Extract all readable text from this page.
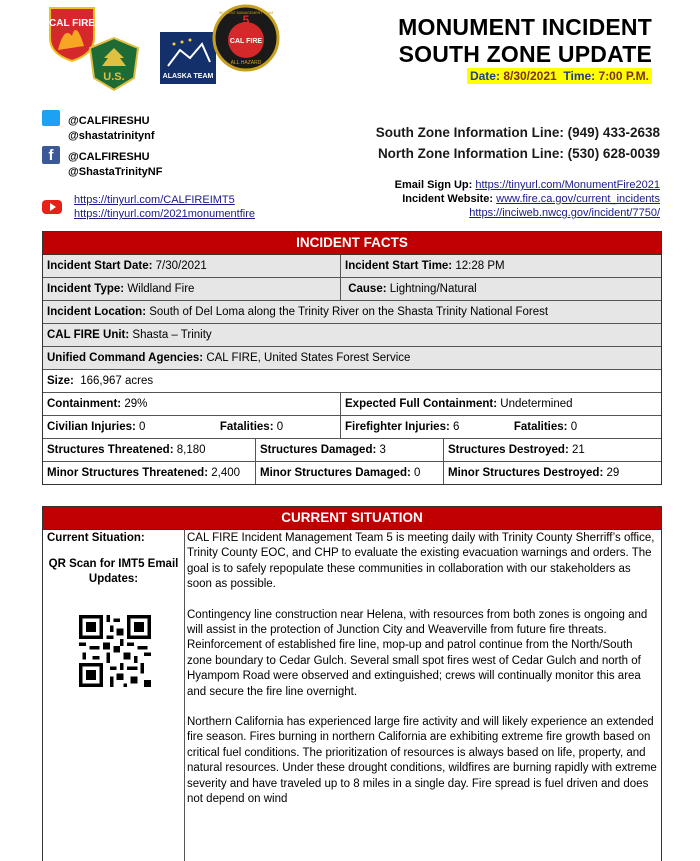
CAL FIRE
U.S.	ALASKA TEAM
5
CAL FIRE
ALL HAZARD
INCIDENT MANAGEMENT TEAM
MONUMENT INCIDENT
SOUTH ZONE UPDATE
Date: 8/30/2021 Time: 7:00 P.M.
@CALFIRESHU
@shastatrinitynf
f	@CALFIRESHU
@ShastaTrinityNF
https://tinyurl.com/CALFIREIMT5
https://tinyurl.com/2021monumentfire
South Zone Information Line: (949) 433-2638
North Zone Information Line: (530) 628-0039
Email Sign Up: https://tinyurl.com/MonumentFire2021
Incident Website: www.fire.ca.gov/current_incidents
https://inciweb.nwcg.gov/incident/7750/
INCIDENT FACTS
Incident Start Date: 7/30/2021	Incident Start Time: 12:28 PM
Incident Type: Wildland Fire	Cause: Lightning/Natural
Incident Location: South of Del Loma along the Trinity River on the Shasta Trinity National Forest
CAL FIRE Unit: Shasta – Trinity
Unified Command Agencies: CAL FIRE, United States Forest Service
Size: 166,967 acres
Containment: 29%	Expected Full Containment: Undetermined
Civilian Injuries: 0	Fatalities: 0	Firefighter Injuries: 6	Fatalities: 0
Structures Threatened: 8,180	Structures Damaged: 3	Structures Destroyed: 21
Minor Structures Threatened: 2,400	Minor Structures Damaged: 0	Minor Structures Destroyed: 29
CURRENT SITUATION
Current Situation:
QR Scan for IMT5 Email Updates:

CAL FIRE Incident Management Team 5 is meeting daily with Trinity County Sherriff’s office, Trinity County EOC, and CHP to evaluate the existing evacuation warnings and orders. The goal is to safely repopulate these communities in collaboration with our stakeholders as soon as possible.

Contingency line construction near Helena, with resources from both zones is ongoing and will assist in the protection of Junction City and Weaverville from future fire threats. Reinforcement of established fire line, mop-up and patrol continue from the North/South zone boundary to Cedar Gulch. Several small spot fires west of Cedar Gulch and north of Hyampom Road were observed and extinguished; crews will continually monitor this area and secure the fire line overnight.

Northern California has experienced large fire activity and will likely experience an extended fire season. Fires burning in northern California are exhibiting extreme fire growth based on critical fuel conditions. The prioritization of resources is always based on life, property, and natural resources. Under these drought conditions, wildfires are burning rapidly with extreme severity and have traveled up to 8 miles in a single day. Fire spread is fuel driven and does not depend on wind
